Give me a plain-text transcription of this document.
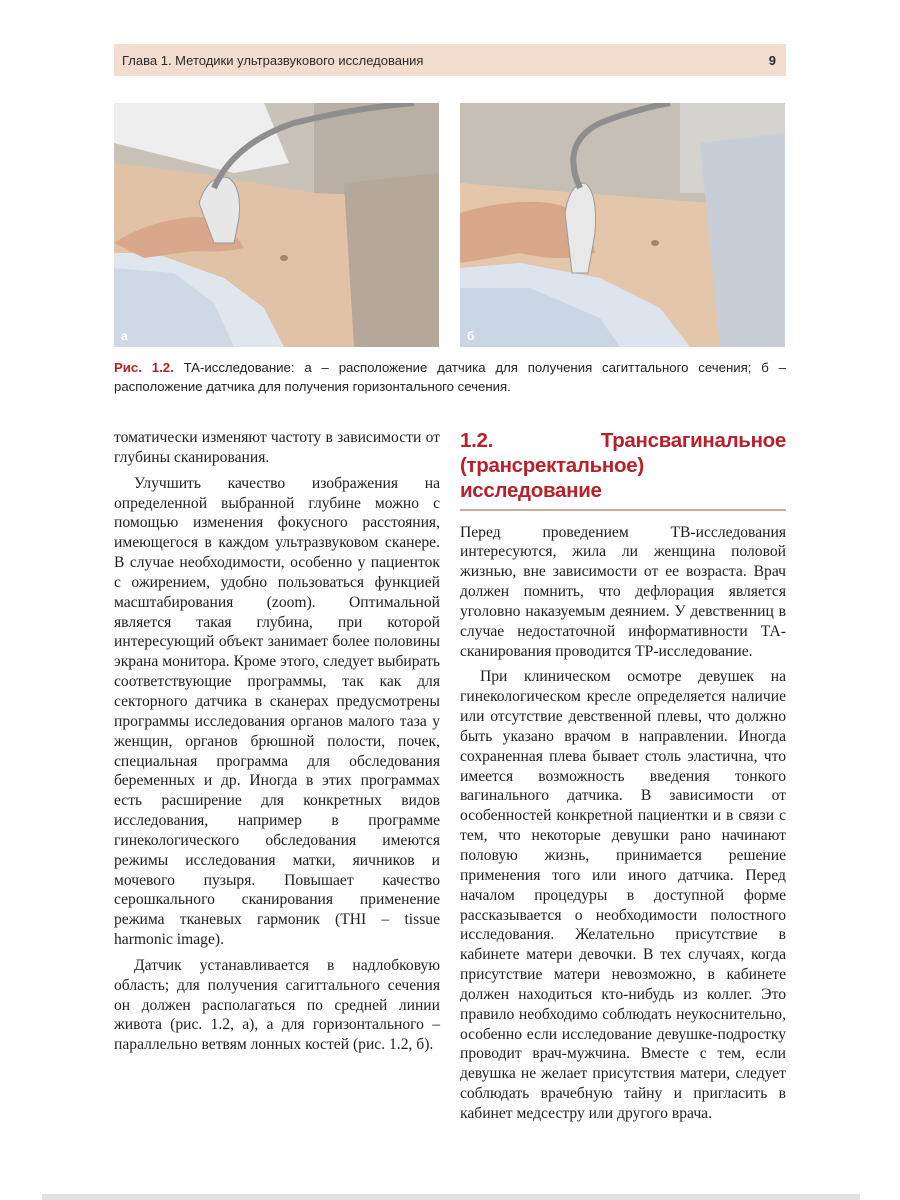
Глава 1. Методики ультразвукового исследования	9
а	б
Рис. 1.2. ТА-исследование: а – расположение датчика для получения сагиттального сечения; б – расположение датчика для получения горизонтального сечения.

томатически изменяют частоту в зависимости от глубины сканирования.

Улучшить качество изображения на определенной выбранной глубине можно с помощью изменения фокусного расстояния, имеющегося в каждом ультразвуковом сканере. В случае необходимости, особенно у пациенток с ожирением, удобно пользоваться функцией масштабирования (zoom). Оптимальной является такая глубина, при которой интересующий объект занимает более половины экрана монитора. Кроме этого, следует выбирать соответствующие программы, так как для секторного датчика в сканерах предусмотрены программы исследования органов малого таза у женщин, органов брюшной полости, почек, специальная программа для обследования беременных и др. Иногда в этих программах есть расширение для конкретных видов исследования, например в программе гинекологического обследования имеются режимы исследования матки, яичников и мочевого пузыря. Повышает качество серошкального сканирования применение режима тканевых гармоник (THI – tissue harmonic image).

Датчик устанавливается в надлобковую область; для получения сагиттального сечения он должен располагаться по средней линии живота (рис. 1.2, а), а для горизонтального – параллельно ветвям лонных костей (рис. 1.2, б).

1.2. Трансвагинальное (трансректальное) исследование

Перед проведением ТВ-исследования интересуются, жила ли женщина половой жизнью, вне зависимости от ее возраста. Врач должен помнить, что дефлорация является уголовно наказуемым деянием. У девственниц в случае недостаточной информативности ТА-сканирования проводится ТР-исследование.

При клиническом осмотре девушек на гинекологическом кресле определяется наличие или отсутствие девственной плевы, что должно быть указано врачом в направлении. Иногда сохраненная плева бывает столь эластична, что имеется возможность введения тонкого вагинального датчика. В зависимости от особенностей конкретной пациентки и в связи с тем, что некоторые девушки рано начинают половую жизнь, принимается решение применения того или иного датчика. Перед началом процедуры в доступной форме рассказывается о необходимости полостного исследования. Желательно присутствие в кабинете матери девочки. В тех случаях, когда присутствие матери невозможно, в кабинете должен находиться кто-нибудь из коллег. Это правило необходимо соблюдать неукоснительно, особенно если исследование девушке-подростку проводит врач-мужчина. Вместе с тем, если девушка не желает присутствия матери, следует соблюдать врачебную тайну и пригласить в кабинет медсестру или другого врача.
